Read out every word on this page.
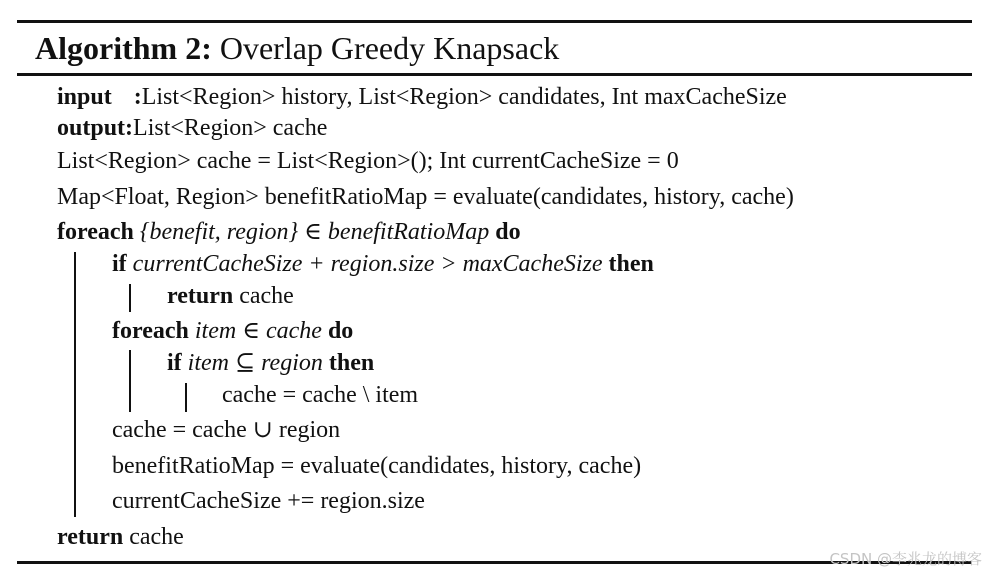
Algorithm 2: Overlap Greedy Knapsack
input :List<Region> history, List<Region> candidates, Int maxCacheSize
output:List<Region> cache
List<Region> cache = List<Region>(); Int currentCacheSize = 0
Map<Float, Region> benefitRatioMap = evaluate(candidates, history, cache)
foreach {benefit, region} ∈ benefitRatioMap do
if currentCacheSize + region.size > maxCacheSize then
return cache
foreach item ∈ cache do
if item ⊆ region then
cache = cache \ item
cache = cache ∪ region
benefitRatioMap = evaluate(candidates, history, cache)
currentCacheSize += region.size
return cache
CSDN @李兆龙的博客
